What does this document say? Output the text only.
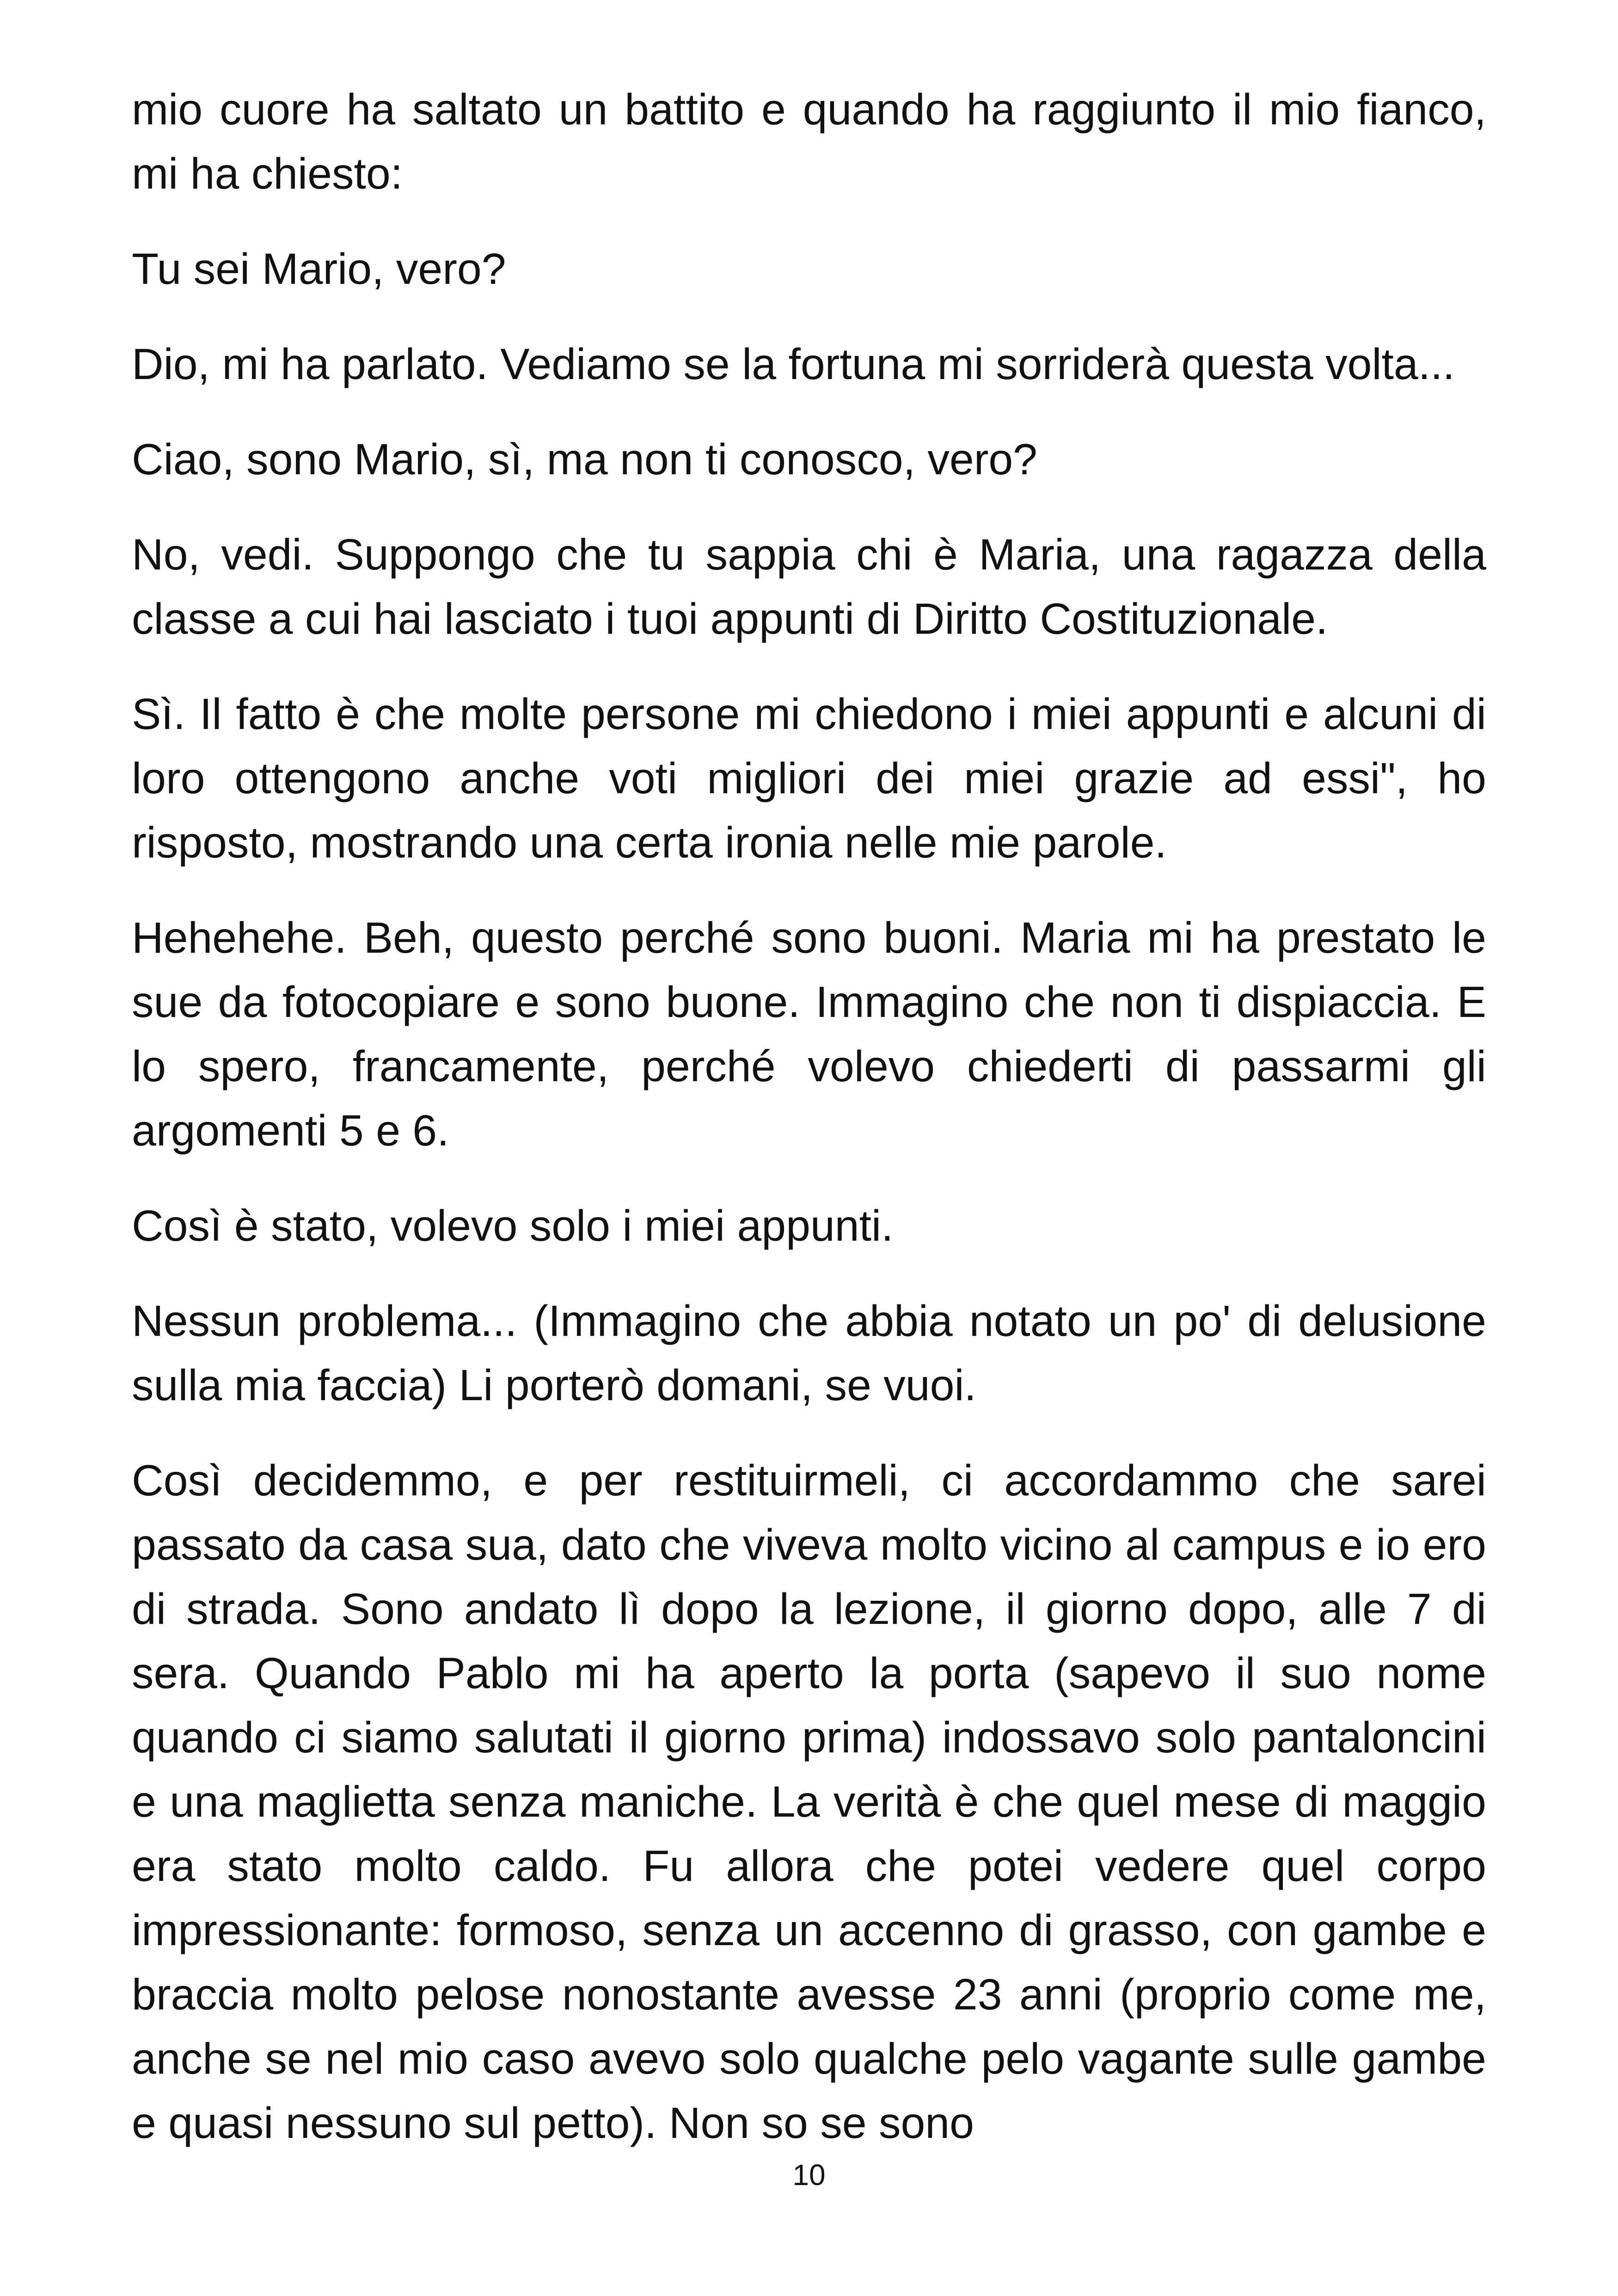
mio cuore ha saltato un battito e quando ha raggiunto il mio fianco, mi ha chiesto:

Tu sei Mario, vero?

Dio, mi ha parlato. Vediamo se la fortuna mi sorriderà questa volta...

Ciao, sono Mario, sì, ma non ti conosco, vero?

No, vedi. Suppongo che tu sappia chi è Maria, una ragazza della classe a cui hai lasciato i tuoi appunti di Diritto Costituzionale.

Sì. Il fatto è che molte persone mi chiedono i miei appunti e alcuni di loro ottengono anche voti migliori dei miei grazie ad essi", ho risposto, mostrando una certa ironia nelle mie parole.

Hehehehe. Beh, questo perché sono buoni. Maria mi ha prestato le sue da fotocopiare e sono buone. Immagino che non ti dispiaccia. E lo spero, francamente, perché volevo chiederti di passarmi gli argomenti 5 e 6.

Così è stato, volevo solo i miei appunti.

Nessun problema... (Immagino che abbia notato un po' di delusione sulla mia faccia) Li porterò domani, se vuoi.

Così decidemmo, e per restituirmeli, ci accordammo che sarei passato da casa sua, dato che viveva molto vicino al campus e io ero di strada. Sono andato lì dopo la lezione, il giorno dopo, alle 7 di sera. Quando Pablo mi ha aperto la porta (sapevo il suo nome quando ci siamo salutati il giorno prima) indossavo solo pantaloncini e una maglietta senza maniche. La verità è che quel mese di maggio era stato molto caldo. Fu allora che potei vedere quel corpo impressionante: formoso, senza un accenno di grasso, con gambe e braccia molto pelose nonostante avesse 23 anni (proprio come me, anche se nel mio caso avevo solo qualche pelo vagante sulle gambe e quasi nessuno sul petto). Non so se sono

10
